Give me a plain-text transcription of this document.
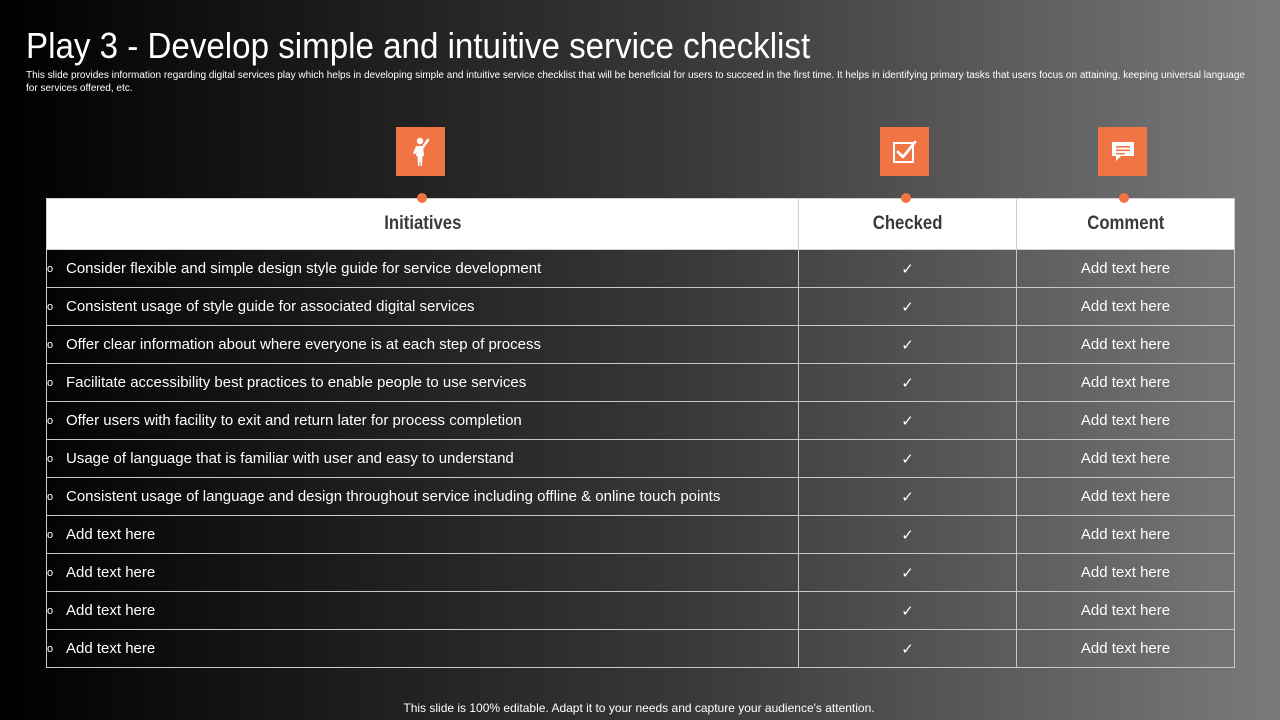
Play 3 - Develop simple and intuitive service checklist
This slide provides information regarding digital services play which helps in developing simple and intuitive service checklist that will be beneficial for users to succeed in the first time. It helps in identifying primary tasks that users focus on attaining, keeping universal language for services offered, etc.
Initiatives	Checked	Comment
o Consider flexible and simple design style guide for service development	✓	Add text here
o Consistent usage of style guide for associated digital services	✓	Add text here
o Offer clear information about where everyone is at each step of process	✓	Add text here
o Facilitate accessibility best practices to enable people to use services	✓	Add text here
o Offer users with facility to exit and return later for process completion	✓	Add text here
o Usage of language that is familiar with user and easy to understand	✓	Add text here
o Consistent usage of language and design throughout service including offline & online touch points	✓	Add text here
o Add text here	✓	Add text here
o Add text here	✓	Add text here
o Add text here	✓	Add text here
o Add text here	✓	Add text here
This slide is 100% editable. Adapt it to your needs and capture your audience's attention.
